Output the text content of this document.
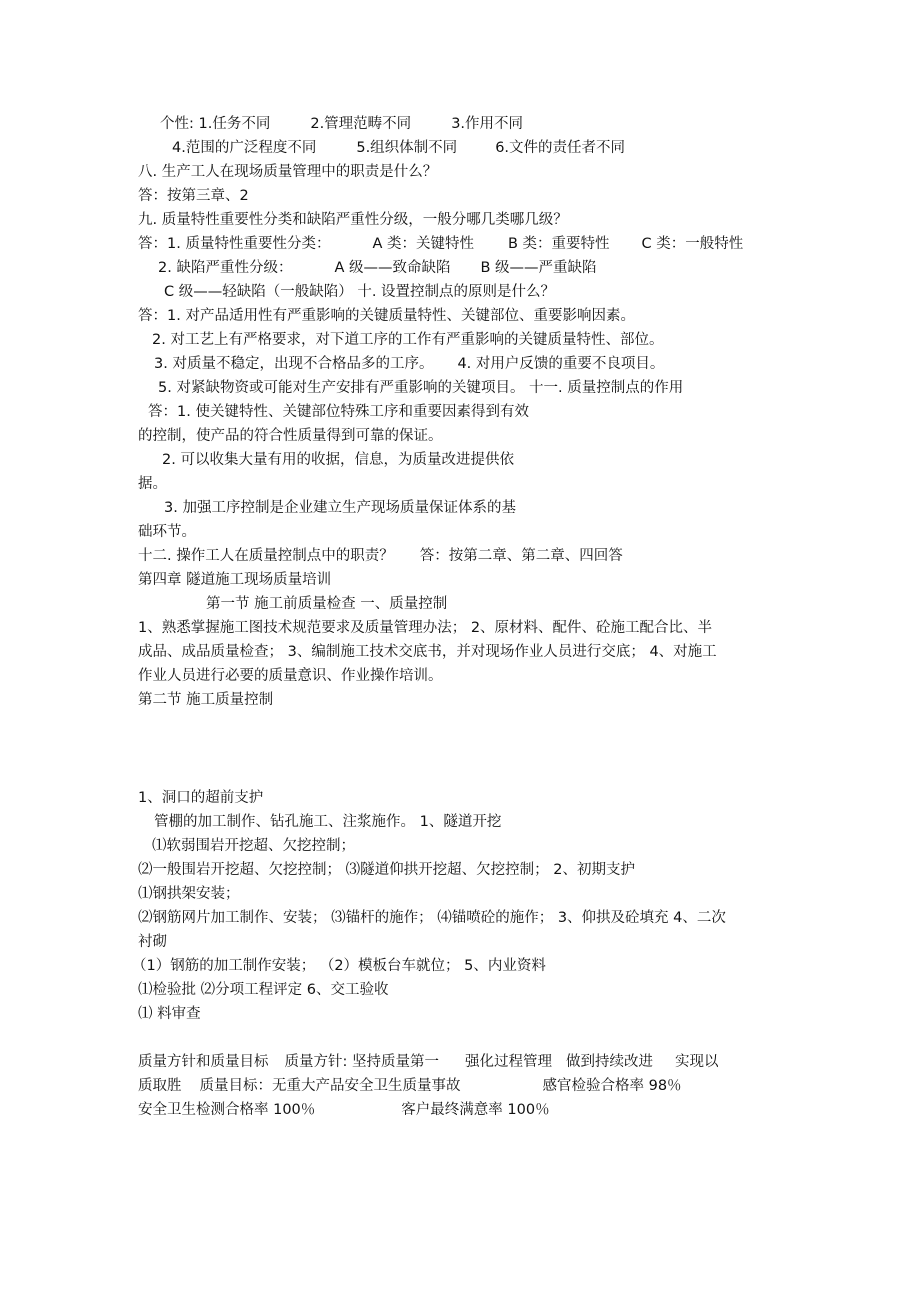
个性: 1.任务不同	2.管理范畴不同	3.作用不同
4.范围的广泛程度不同	5.组织体制不同	6.文件的责任者不同
八. 生产工人在现场质量管理中的职责是什么？
答：按第三章、2
九. 质量特性重要性分类和缺陷严重性分级，一般分哪几类哪几级？
答：1. 质量特性重要性分类：	A 类：关键特性 B 类：重要特性 C 类：一般特性
2. 缺陷严重性分级：	A 级——致命缺陷 B 级——严重缺陷
C 级——轻缺陷（一般缺陷） 十. 设置控制点的原则是什么？
答：1. 对产品适用性有严重影响的关键质量特性、关键部位、重要影响因素。
2. 对工艺上有严格要求，对下道工序的工作有严重影响的关键质量特性、部位。
3. 对质量不稳定，出现不合格品多的工序。 4. 对用户反馈的重要不良项目。
5. 对紧缺物资或可能对生产安排有严重影响的关键项目。 十一. 质量控制点的作用
答：1. 使关键特性、关键部位特殊工序和重要因素得到有效
的控制，使产品的符合性质量得到可靠的保证。
2. 可以收集大量有用的收据，信息，为质量改进提供依
据。
3. 加强工序控制是企业建立生产现场质量保证体系的基
础环节。
十二. 操作工人在质量控制点中的职责？ 答：按第二章、第二章、四回答
第四章 隧道施工现场质量培训
第一节 施工前质量检查 一、质量控制
1、熟悉掌握施工图技术规范要求及质量管理办法； 2、原材料、配件、砼施工配合比、半
成品、成品质量检查； 3、编制施工技术交底书，并对现场作业人员进行交底； 4、对施工
作业人员进行必要的质量意识、作业操作培训。
第二节 施工质量控制
1、洞口的超前支护
管棚的加工制作、钻孔施工、注浆施作。 1、隧道开挖
⑴软弱围岩开挖超、欠挖控制；
⑵一般围岩开挖超、欠挖控制； ⑶隧道仰拱开挖超、欠挖控制； 2、初期支护
⑴钢拱架安装；
⑵钢筋网片加工制作、安装； ⑶锚杆的施作； ⑷锚喷砼的施作； 3、仰拱及砼填充 4、二次
衬砌
（1）钢筋的加工制作安装； （2）模板台车就位； 5、内业资料
⑴检验批 ⑵分项工程评定 6、交工验收
⑴ 料审查
质量方针和质量目标 质量方针: 坚持质量第一 强化过程管理 做到持续改进 实现以
质取胜 质量目标：无重大产品安全卫生质量事故	感官检验合格率 98％
安全卫生检测合格率 100％	客户最终满意率 100％
